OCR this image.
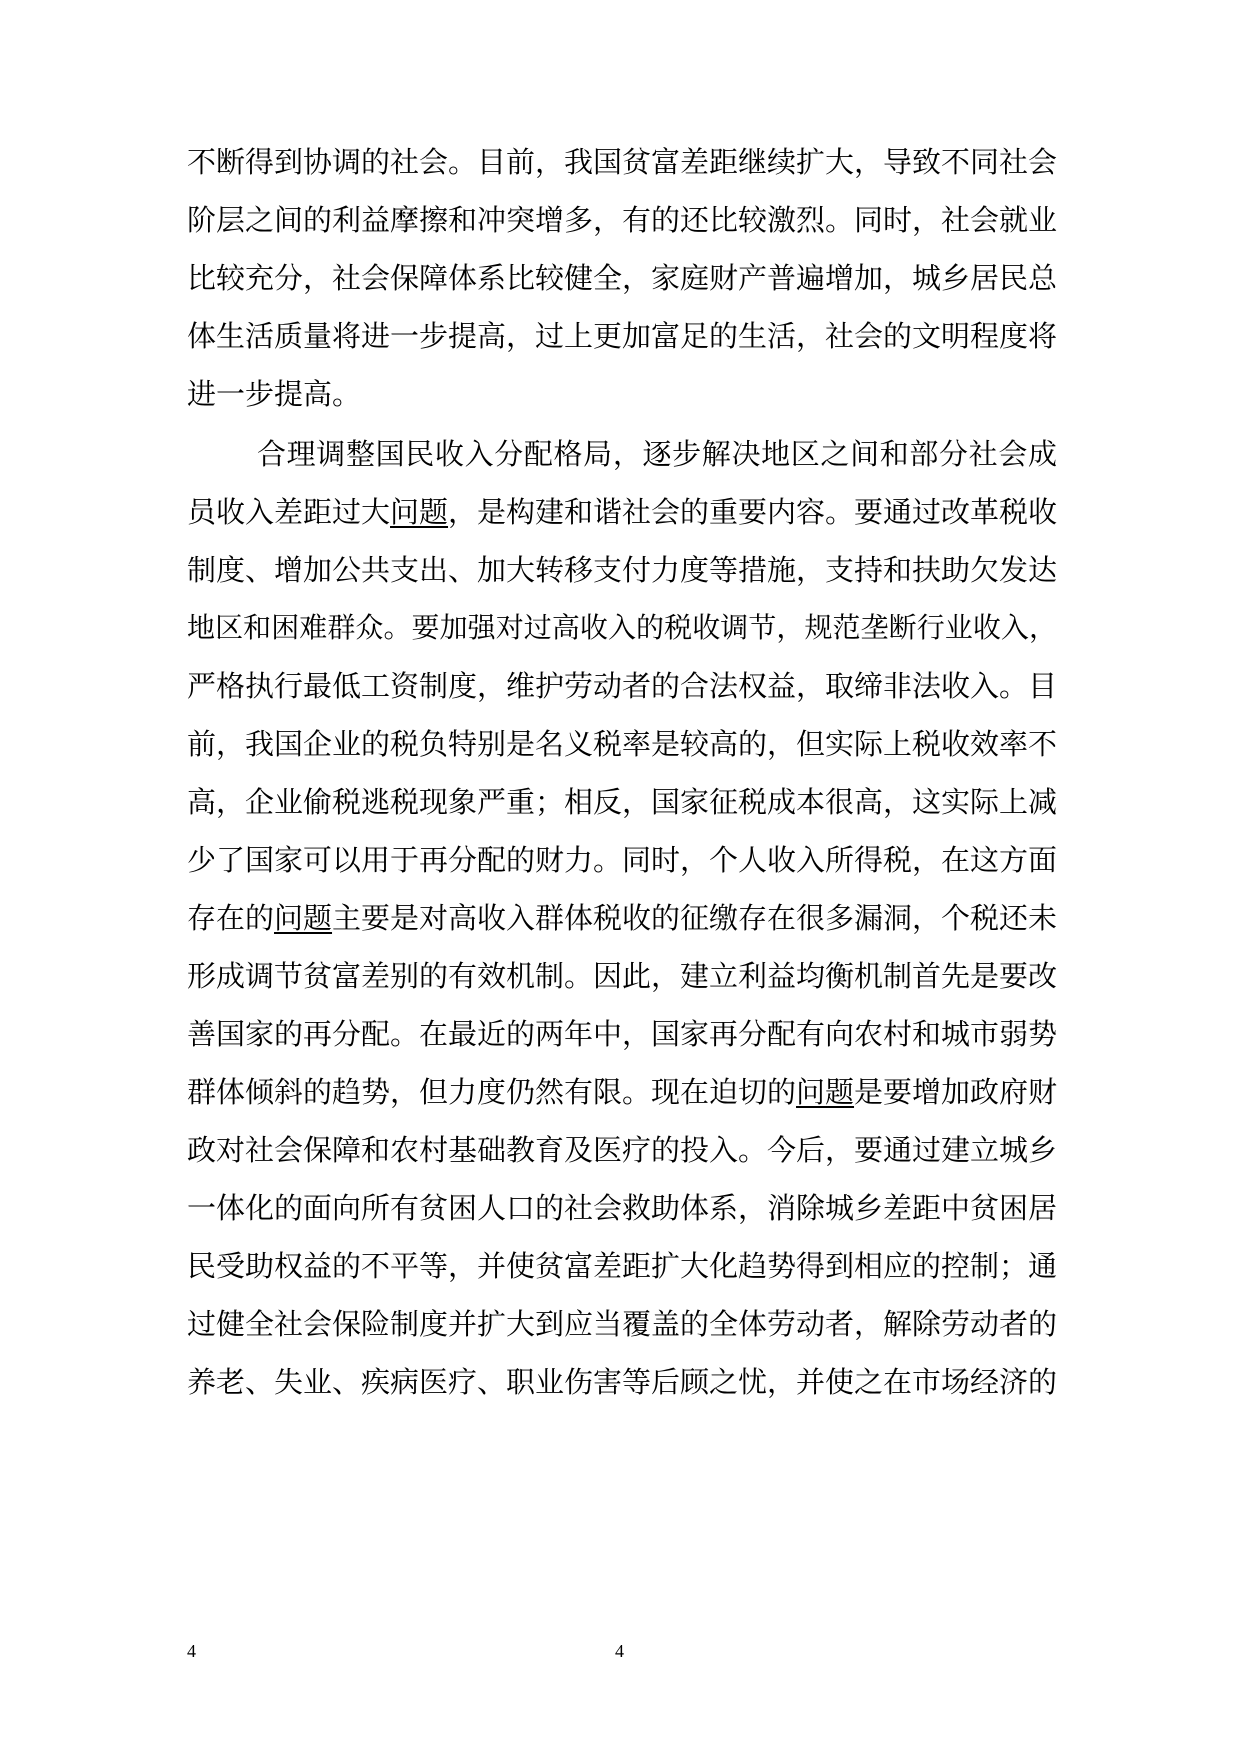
不断得到协调的社会。目前，我国贫富差距继续扩大，导致不同社会
阶层之间的利益摩擦和冲突增多，有的还比较激烈。同时，社会就业
比较充分，社会保障体系比较健全，家庭财产普遍增加，城乡居民总
体生活质量将进一步提高，过上更加富足的生活，社会的文明程度将
进一步提高。
合理调整国民收入分配格局，逐步解决地区之间和部分社会成
员收入差距过大问题，是构建和谐社会的重要内容。要通过改革税收
制度、增加公共支出、加大转移支付力度等措施，支持和扶助欠发达
地区和困难群众。要加强对过高收入的税收调节，规范垄断行业收入，
严格执行最低工资制度，维护劳动者的合法权益，取缔非法收入。目
前，我国企业的税负特别是名义税率是较高的，但实际上税收效率不
高，企业偷税逃税现象严重；相反，国家征税成本很高，这实际上减
少了国家可以用于再分配的财力。同时，个人收入所得税，在这方面
存在的问题主要是对高收入群体税收的征缴存在很多漏洞，个税还未
形成调节贫富差别的有效机制。因此，建立利益均衡机制首先是要改
善国家的再分配。在最近的两年中，国家再分配有向农村和城市弱势
群体倾斜的趋势，但力度仍然有限。现在迫切的问题是要增加政府财
政对社会保障和农村基础教育及医疗的投入。今后，要通过建立城乡
一体化的面向所有贫困人口的社会救助体系，消除城乡差距中贫困居
民受助权益的不平等，并使贫富差距扩大化趋势得到相应的控制；通
过健全社会保险制度并扩大到应当覆盖的全体劳动者，解除劳动者的
养老、失业、疾病医疗、职业伤害等后顾之忧，并使之在市场经济的
4	4
